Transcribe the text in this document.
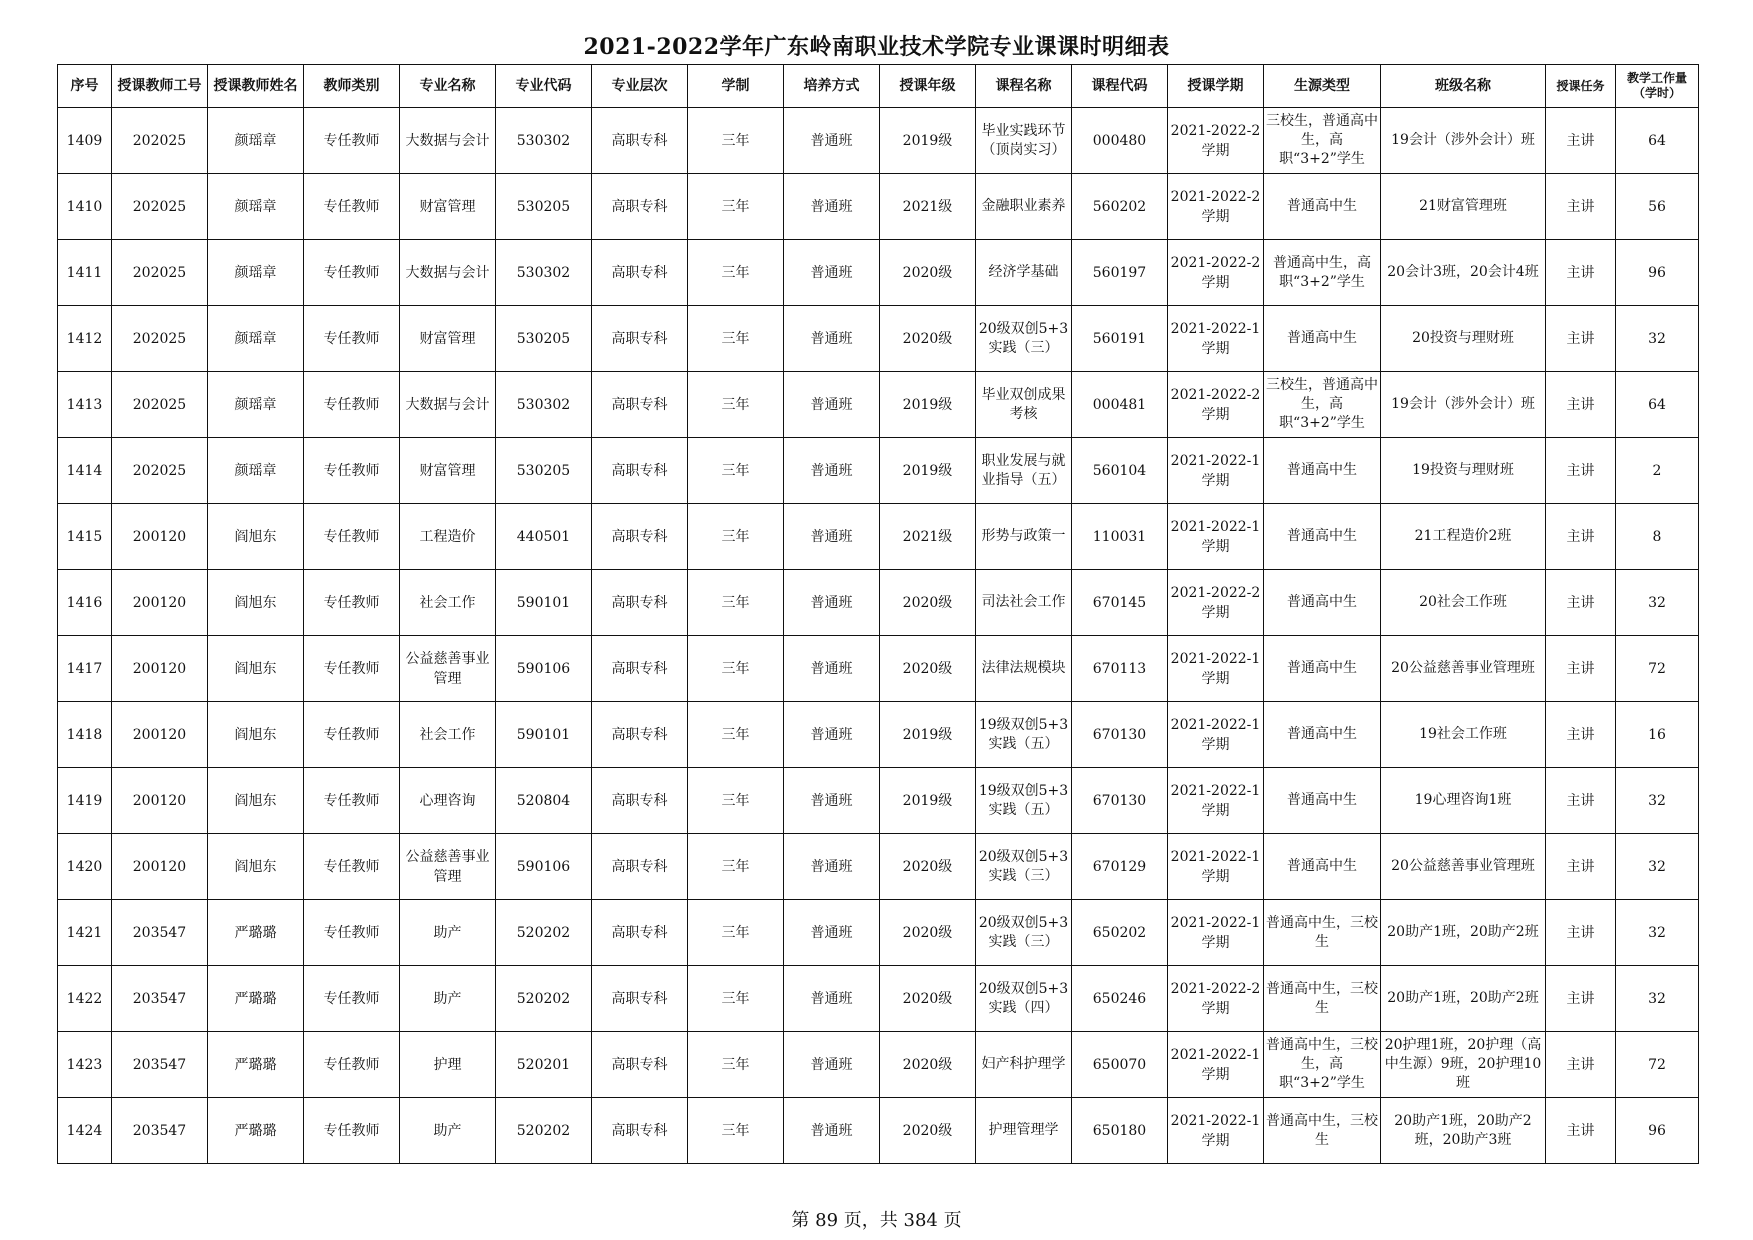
2021-2022学年广东岭南职业技术学院专业课课时明细表
序号	授课教师工号	授课教师姓名	教师类别	专业名称	专业代码	专业层次	学制	培养方式	授课年级	课程名称	课程代码	授课学期	生源类型	班级名称	授课任务	教学工作量（学时）
1409	202025	颜瑶章	专任教师	大数据与会计	530302	高职专科	三年	普通班	2019级	毕业实践环节（顶岗实习）	000480	2021-2022-2学期	三校生，普通高中生，高职“3+2”学生	19会计（涉外会计）班	主讲	64
1410	202025	颜瑶章	专任教师	财富管理	530205	高职专科	三年	普通班	2021级	金融职业素养	560202	2021-2022-2学期	普通高中生	21财富管理班	主讲	56
1411	202025	颜瑶章	专任教师	大数据与会计	530302	高职专科	三年	普通班	2020级	经济学基础	560197	2021-2022-2学期	普通高中生，高职“3+2”学生	20会计3班，20会计4班	主讲	96
1412	202025	颜瑶章	专任教师	财富管理	530205	高职专科	三年	普通班	2020级	20级双创5+3实践（三）	560191	2021-2022-1学期	普通高中生	20投资与理财班	主讲	32
1413	202025	颜瑶章	专任教师	大数据与会计	530302	高职专科	三年	普通班	2019级	毕业双创成果考核	000481	2021-2022-2学期	三校生，普通高中生，高职“3+2”学生	19会计（涉外会计）班	主讲	64
1414	202025	颜瑶章	专任教师	财富管理	530205	高职专科	三年	普通班	2019级	职业发展与就业指导（五）	560104	2021-2022-1学期	普通高中生	19投资与理财班	主讲	2
1415	200120	阎旭东	专任教师	工程造价	440501	高职专科	三年	普通班	2021级	形势与政策一	110031	2021-2022-1学期	普通高中生	21工程造价2班	主讲	8
1416	200120	阎旭东	专任教师	社会工作	590101	高职专科	三年	普通班	2020级	司法社会工作	670145	2021-2022-2学期	普通高中生	20社会工作班	主讲	32
1417	200120	阎旭东	专任教师	公益慈善事业管理	590106	高职专科	三年	普通班	2020级	法律法规模块	670113	2021-2022-1学期	普通高中生	20公益慈善事业管理班	主讲	72
1418	200120	阎旭东	专任教师	社会工作	590101	高职专科	三年	普通班	2019级	19级双创5+3实践（五）	670130	2021-2022-1学期	普通高中生	19社会工作班	主讲	16
1419	200120	阎旭东	专任教师	心理咨询	520804	高职专科	三年	普通班	2019级	19级双创5+3实践（五）	670130	2021-2022-1学期	普通高中生	19心理咨询1班	主讲	32
1420	200120	阎旭东	专任教师	公益慈善事业管理	590106	高职专科	三年	普通班	2020级	20级双创5+3实践（三）	670129	2021-2022-1学期	普通高中生	20公益慈善事业管理班	主讲	32
1421	203547	严璐璐	专任教师	助产	520202	高职专科	三年	普通班	2020级	20级双创5+3实践（三）	650202	2021-2022-1学期	普通高中生，三校生	20助产1班，20助产2班	主讲	32
1422	203547	严璐璐	专任教师	助产	520202	高职专科	三年	普通班	2020级	20级双创5+3实践（四）	650246	2021-2022-2学期	普通高中生，三校生	20助产1班，20助产2班	主讲	32
1423	203547	严璐璐	专任教师	护理	520201	高职专科	三年	普通班	2020级	妇产科护理学	650070	2021-2022-1学期	普通高中生，三校生，高职“3+2”学生	20护理1班，20护理（高中生源）9班，20护理10班	主讲	72
1424	203547	严璐璐	专任教师	助产	520202	高职专科	三年	普通班	2020级	护理管理学	650180	2021-2022-1学期	普通高中生，三校生	20助产1班，20助产2班，20助产3班	主讲	96
第 89 页，共 384 页
